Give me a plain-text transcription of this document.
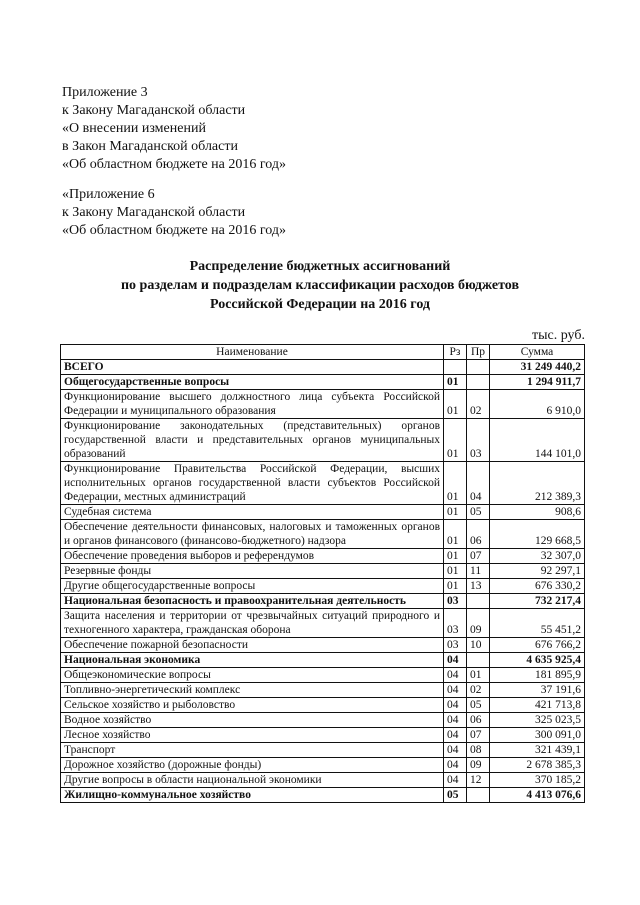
Приложение 3
к Закону Магаданской области
«О внесении изменений
в Закон Магаданской области
«Об областном бюджете на 2016 год»
«Приложение 6
к Закону Магаданской области
«Об областном бюджете на 2016 год»
Распределение бюджетных ассигнований
по разделам и подразделам классификации расходов бюджетов
Российской Федерации на 2016 год
тыс. руб.
Наименование	Рз	Пр	Сумма
ВСЕГО			31 249 440,2
Общегосударственные вопросы	01		1 294 911,7
Функционирование высшего должностного лица субъекта Российской Федерации и муниципального образования	01	02	6 910,0
Функционирование законодательных (представительных) органов государственной власти и представительных органов муниципальных образований	01	03	144 101,0
Функционирование Правительства Российской Федерации, высших исполнительных органов государственной власти субъектов Российской Федерации, местных администраций	01	04	212 389,3
Судебная система	01	05	908,6
Обеспечение деятельности финансовых, налоговых и таможенных органов и органов финансового (финансово-бюджетного) надзора	01	06	129 668,5
Обеспечение проведения выборов и референдумов	01	07	32 307,0
Резервные фонды	01	11	92 297,1
Другие общегосударственные вопросы	01	13	676 330,2
Национальная безопасность и правоохранительная деятельность	03		732 217,4
Защита населения и территории от чрезвычайных ситуаций природного и техногенного характера, гражданская оборона	03	09	55 451,2
Обеспечение пожарной безопасности	03	10	676 766,2
Национальная экономика	04		4 635 925,4
Общеэкономические вопросы	04	01	181 895,9
Топливно-энергетический комплекс	04	02	37 191,6
Сельское хозяйство и рыболовство	04	05	421 713,8
Водное хозяйство	04	06	325 023,5
Лесное хозяйство	04	07	300 091,0
Транспорт	04	08	321 439,1
Дорожное хозяйство (дорожные фонды)	04	09	2 678 385,3
Другие вопросы в области национальной экономики	04	12	370 185,2
Жилищно-коммунальное хозяйство	05		4 413 076,6
